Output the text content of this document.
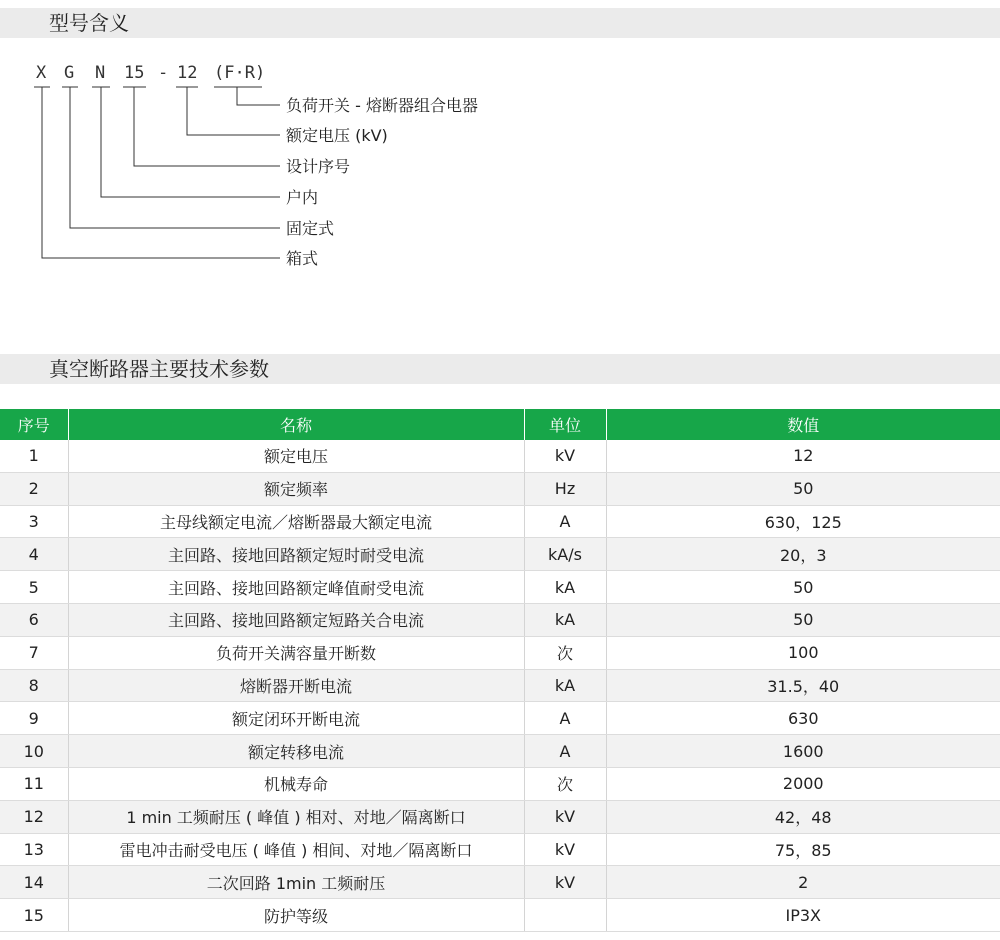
型号含义
X G N 15 - 12 (F·R)
负荷开关 - 熔断器组合电器
额定电压 (kV)
设计序号
户内
固定式
箱式
真空断路器主要技术参数
序号	名称	单位	数值
1	额定电压	kV	12
2	额定频率	Hz	50
3	主母线额定电流／熔断器最大额定电流	A	630，125
4	主回路、接地回路额定短时耐受电流	kA/s	20，3
5	主回路、接地回路额定峰值耐受电流	kA	50
6	主回路、接地回路额定短路关合电流	kA	50
7	负荷开关满容量开断数	次	100
8	熔断器开断电流	kA	31.5，40
9	额定闭环开断电流	A	630
10	额定转移电流	A	1600
11	机械寿命	次	2000
12	1 min 工频耐压 ( 峰值 ) 相对、对地／隔离断口	kV	42，48
13	雷电冲击耐受电压 ( 峰值 ) 相间、对地／隔离断口	kV	75，85
14	二次回路 1min 工频耐压	kV	2
15	防护等级		IP3X
